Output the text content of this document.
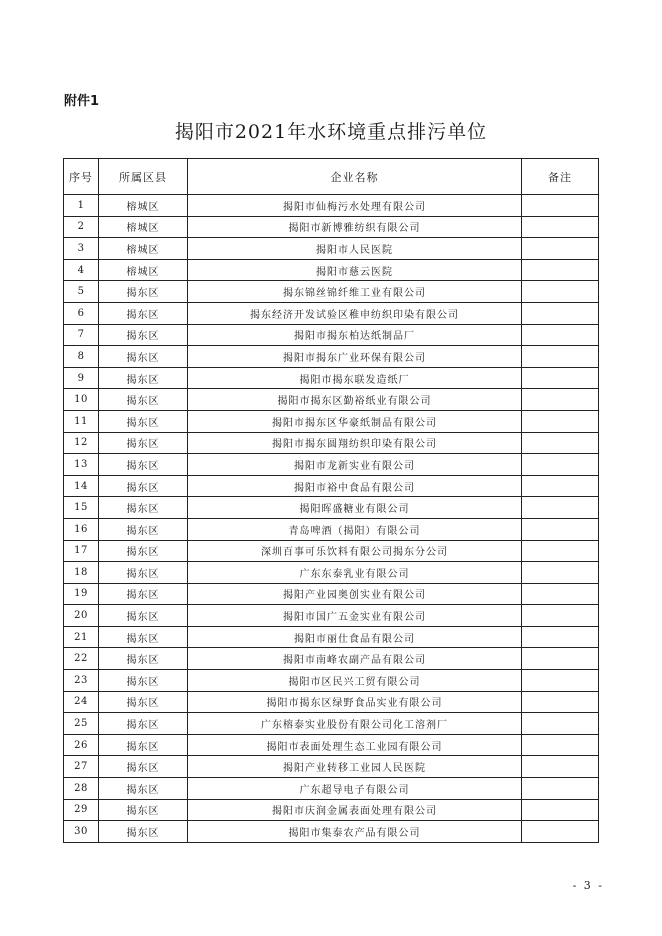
附件1
揭阳市2021年水环境重点排污单位
序号	所属区县	企业名称	备注
1	榕城区	揭阳市仙梅污水处理有限公司	
2	榕城区	揭阳市新博雅纺织有限公司	
3	榕城区	揭阳市人民医院	
4	榕城区	揭阳市慈云医院	
5	揭东区	揭东锦丝锦纤维工业有限公司	
6	揭东区	揭东经济开发试验区稚申纺织印染有限公司	
7	揭东区	揭阳市揭东柏达纸制品厂	
8	揭东区	揭阳市揭东广业环保有限公司	
9	揭东区	揭阳市揭东联发造纸厂	
10	揭东区	揭阳市揭东区勤裕纸业有限公司	
11	揭东区	揭阳市揭东区华豪纸制品有限公司	
12	揭东区	揭阳市揭东圆翔纺织印染有限公司	
13	揭东区	揭阳市龙新实业有限公司	
14	揭东区	揭阳市裕中食品有限公司	
15	揭东区	揭阳晖盛糖业有限公司	
16	揭东区	青岛啤酒（揭阳）有限公司	
17	揭东区	深圳百事可乐饮料有限公司揭东分公司	
18	揭东区	广东东泰乳业有限公司	
19	揭东区	揭阳产业园奥创实业有限公司	
20	揭东区	揭阳市国广五金实业有限公司	
21	揭东区	揭阳市丽仕食品有限公司	
22	揭东区	揭阳市南峰农副产品有限公司	
23	揭东区	揭阳市区民兴工贸有限公司	
24	揭东区	揭阳市揭东区绿野食品实业有限公司	
25	揭东区	广东榕泰实业股份有限公司化工溶剂厂	
26	揭东区	揭阳市表面处理生态工业园有限公司	
27	揭东区	揭阳产业转移工业园人民医院	
28	揭东区	广东超导电子有限公司	
29	揭东区	揭阳市庆润金属表面处理有限公司	
30	揭东区	揭阳市集泰农产品有限公司	
- 3 -
